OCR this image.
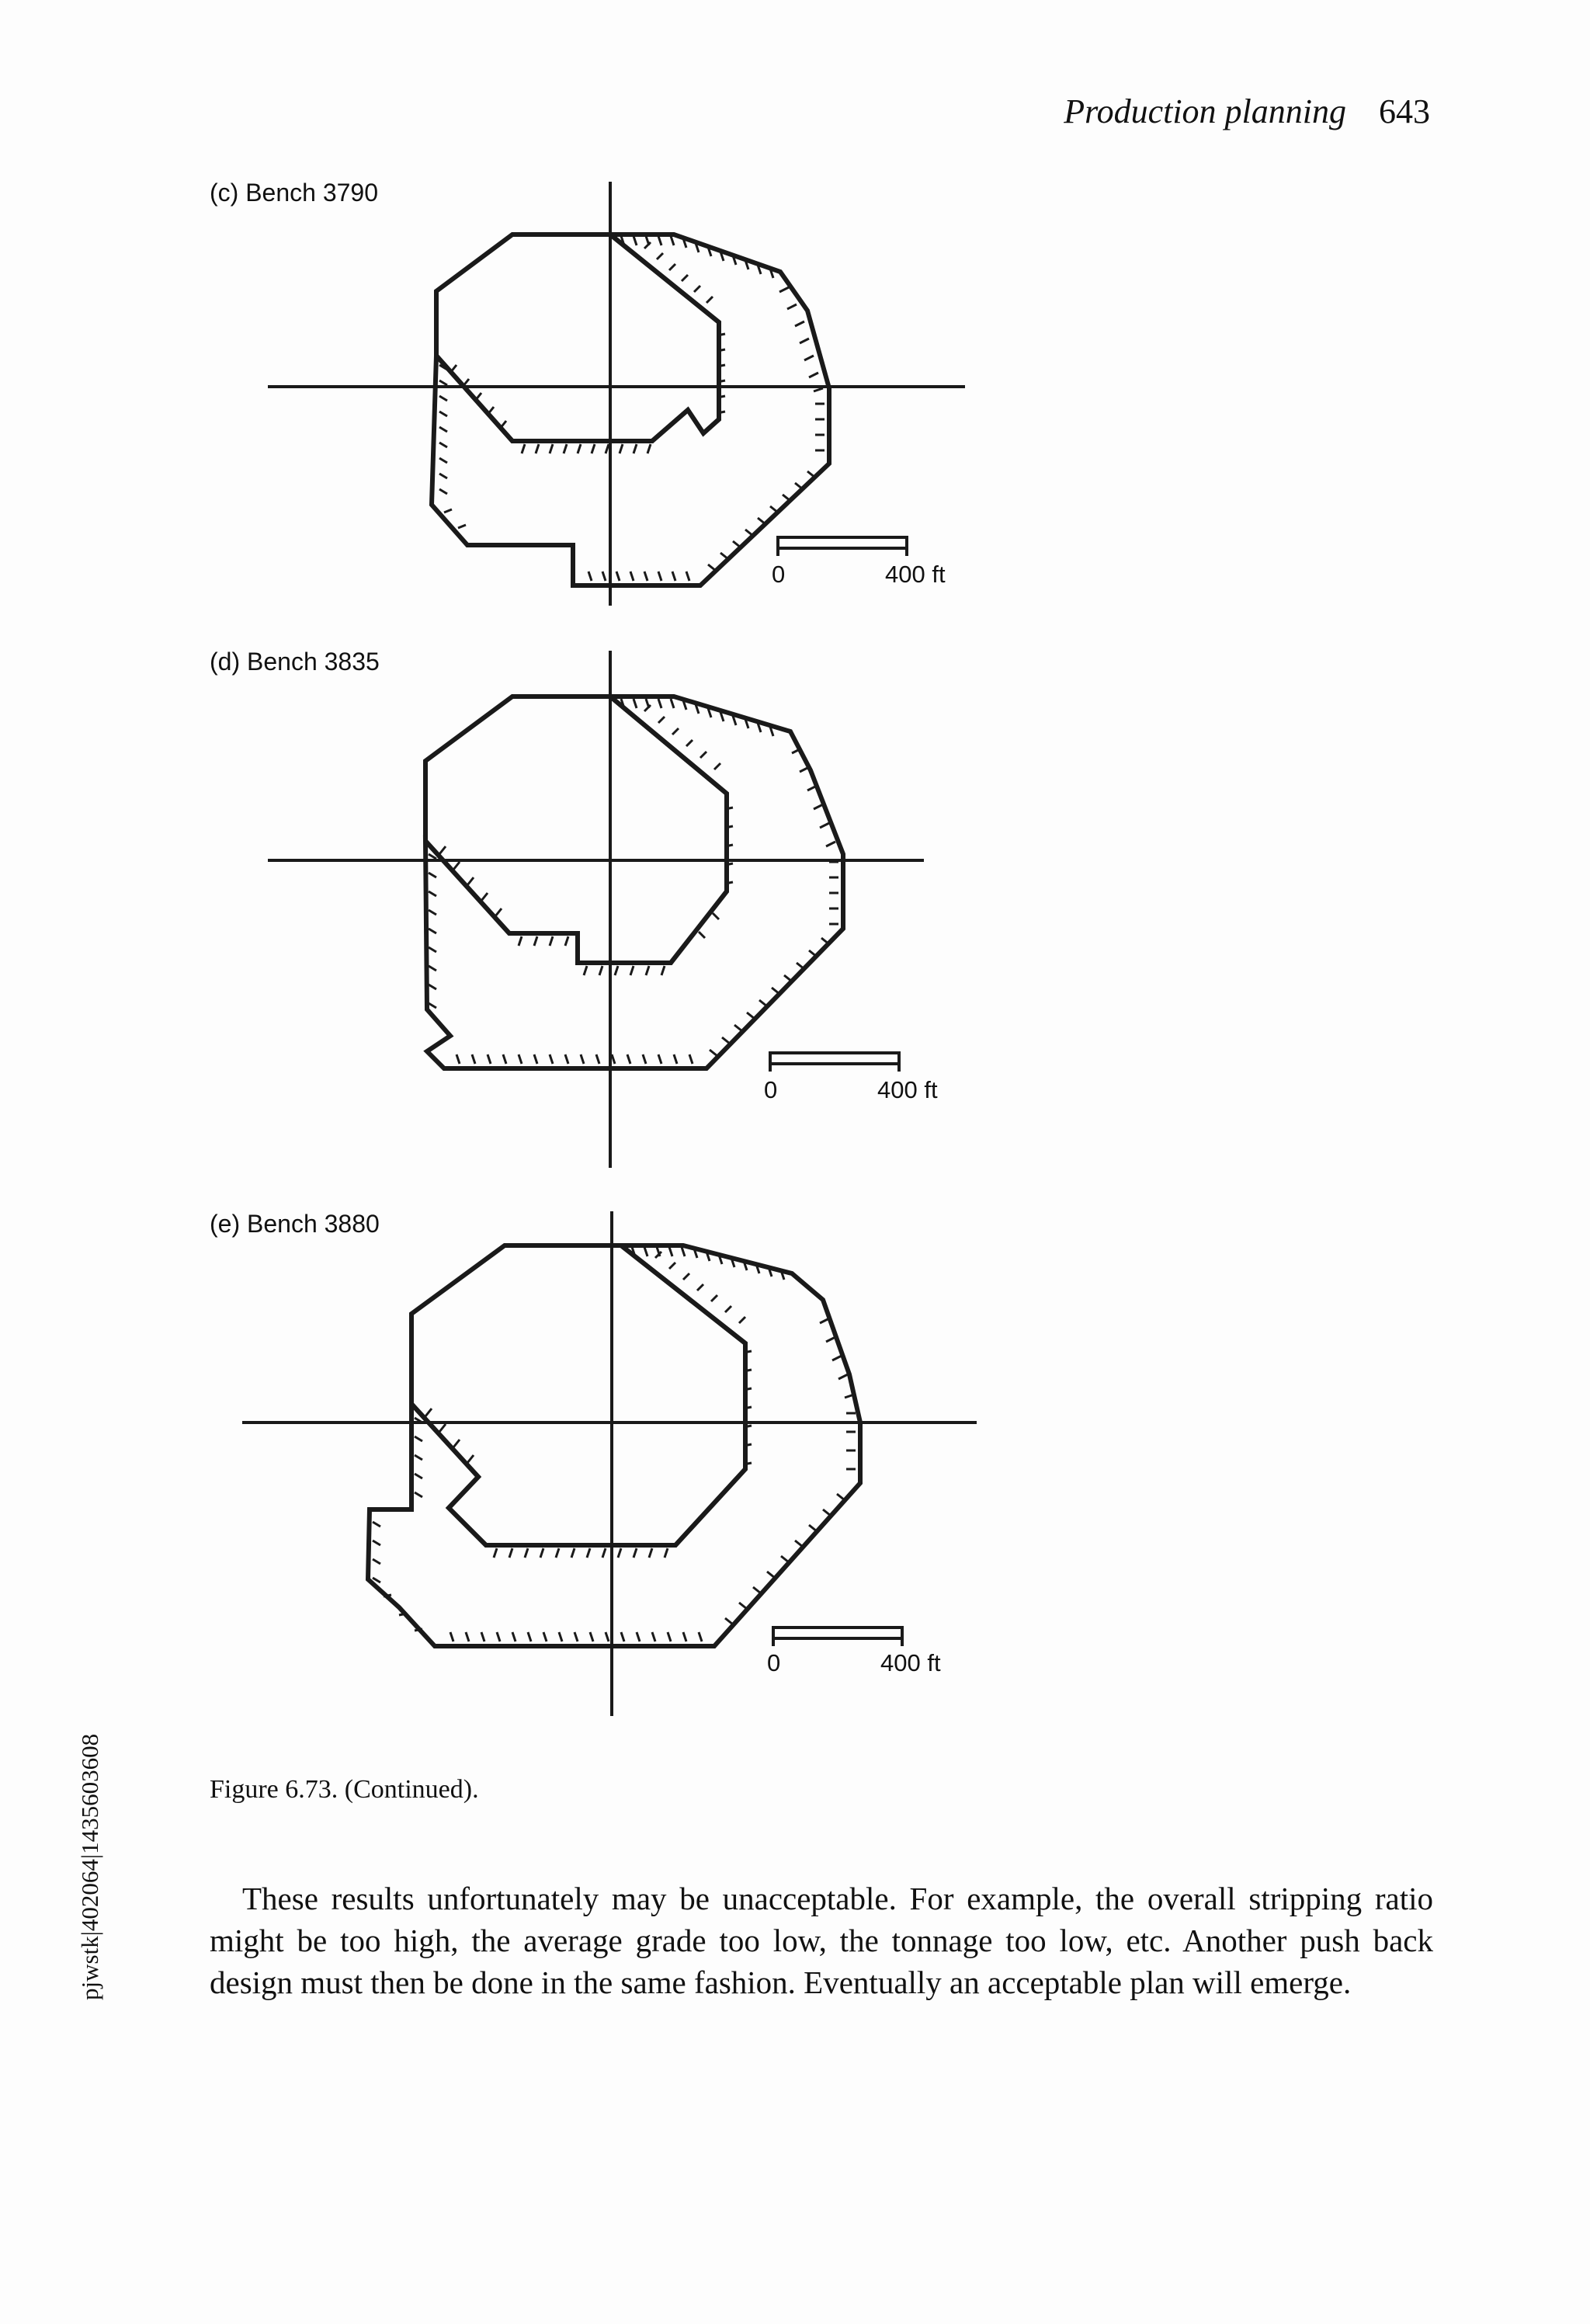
Production planning 643
(c) Bench 3790
(d) Bench 3835
(e) Bench 3880
0	400 ft
0	400 ft
0	400 ft
pjwstk|402064|1435603608	Figure 6.73. (Continued).

These results unfortunately may be unacceptable. For example, the overall stripping ratio might be too high, the average grade too low, the tonnage too low, etc. Another push back design must then be done in the same fashion. Eventually an acceptable plan will emerge.
